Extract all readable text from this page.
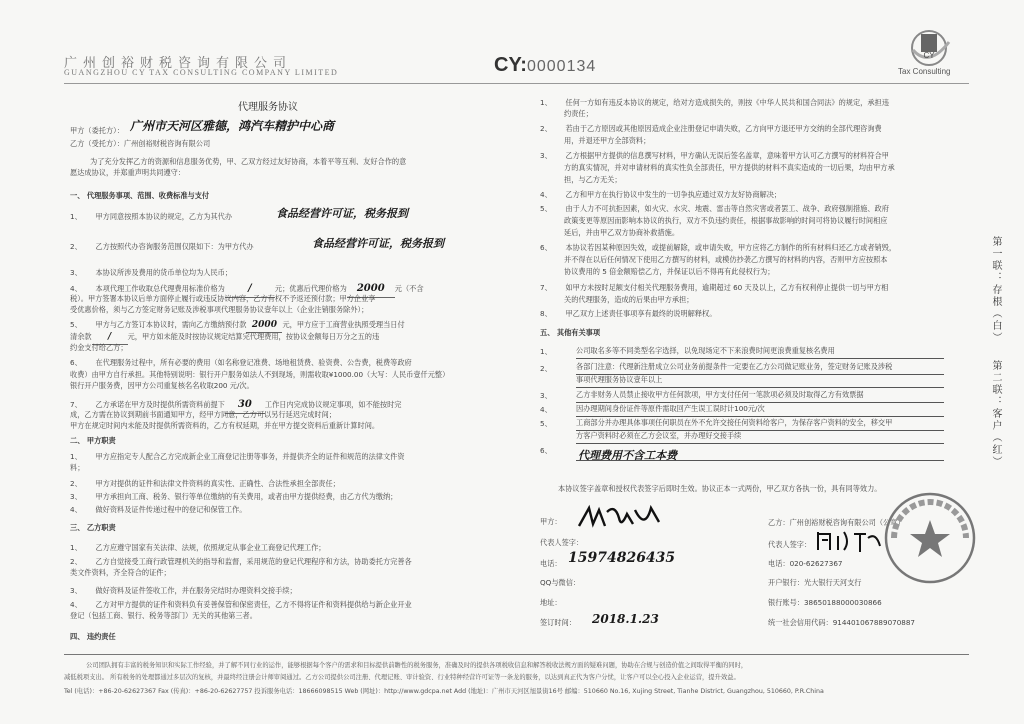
广州创裕财税咨询有限公司
GUANGZHOU CY TAX CONSULTING COMPANY LIMITED	CY:0000134
CY
Tax Consulting
代理服务协议
甲方（委托方）： 广州市天河区雅德，鸿汽车精护中心商
乙方（受托方）：广州创裕财税咨询有限公司
为了充分发挥乙方的资源和信息服务优势，甲、乙双方经过友好协商，本着平等互利、友好合作的意
愿达成协议，并郑重声明共同遵守：
一、 代理服务事项、范围、收费标准与支付
1、 甲方同意按照本协议的规定，乙方为其代办	食品经营许可证，税务报到
2、 乙方按照代办咨询服务范围仅限如下：为甲方代办	食品经营许可证，税务报到
3、 本协议所涉及费用的货币单位均为人民币；
4、 本项代理工作收取总代理费用标准价格为 /	元；优惠后代理价格为 2000 元（不含
税）。甲方签署本协议后单方面停止履行或违反协议内容，乙方有权不予返还预付款；甲方企业享
受优惠价格，须与乙方签定财务记账及涉税事项代理服务协议壹年以上（企业注销服务除外）；
5、 甲方与乙方签订本协议时，需向乙方缴纳预付款 2000 元，甲方应于工商营业执照受理当日付
清余款 / 元，甲方如未能及时按协议规定结算完代理费用，按协议金额每日万分之五的违
约金支付给乙方；
6、 在代理服务过程中，所有必要的费用（如名称登记准费、场地租赁费、验资费、公告费，税费等政府
收费）由甲方自行承担。其他特别说明：银行开户服务如法人不到现场，则需收取¥1000.00（大写：人民币壹仟元整）
银行开户服务费，因甲方公司重复核名名收取200 元/次。
7、 乙方承诺在甲方及时提供所需资料前提下 30 工作日内完成协议规定事项，如不能按时完
成，乙方需在协议到期前书面通知甲方，经甲方同意，乙方可以另行延迟完成时间；
甲方在规定时间内未能及时提供所需资料的，乙方有权延期，并在甲方提交资料后重新计算时间。
二、 甲方职责
1、 甲方应指定专人配合乙方完成新企业工商登记注册等事务，并提供齐全的证件和规范的法律文件资
料；
2、 甲方对提供的证件和法律文件资料的真实性、正确性、合法性承担全部责任；
3、 甲方承担向工商、税务、银行等单位缴纳的有关费用，或者由甲方提供经费，由乙方代为缴纳；
4、 做好资料及证件传递过程中的登记和保管工作。
三、 乙方职责
1、 乙方应遵守国家有关法律、法规，依照规定从事企业工商登记代理工作；
2、 乙方自觉接受工商行政管理机关的指导和监督，采用规范的登记代理程序和方法，协助委托方完善各
类文件资料，齐全符合的证件；
3、 做好资料及证件签收工作，并在服务完结时办理资料交接手续；
4、 乙方对甲方提供的证件和资料负有妥善保管和保密责任，乙方不得将证件和资料提供给与新企业开业
登记（包括工商、银行、税务等部门）无关的其他第三者。
四、 违约责任
1、 任何一方如有违反本协议的规定，给对方造成损失的，则按《中华人民共和国合同法》的规定，承担违
约责任；
2、 若由于乙方原因或其他原因造成企业注册登记申请失败，乙方向甲方退还甲方交纳的全部代理咨询费
用，并退还甲方全部资料；
3、 乙方根据甲方提供的信息撰写材料，甲方确认无误后签名盖章，意味着甲方认可乙方撰写的材料符合甲
方的真实情况，并对申请材料的真实性负全部责任，甲方提供的材料不真实造成的一切后果，均由甲方承
担，与乙方无关；
4、 乙方和甲方在执行协议中发生的一切争执应通过双方友好协商解决；
5、 由于人力不可抗拒因素，如火灾、水灾、地震、雷击等自然灾害或者罢工、战争、政府强制措施、政府
政策变更等原因而影响本协议的执行，双方不负违约责任，根据事故影响的时间可将协议履行时间相应
延后，并由甲乙双方协商补救措施。
6、 本协议若因某种原因失效，或提前解除，或申请失败，甲方应将乙方制作的所有材料归还乙方或者销毁，
并不得在以后任何情况下使用乙方撰写的材料，或模仿抄袭乙方撰写的材料的内容，否则甲方应按照本
协议费用的 5 倍金额赔偿乙方，并保证以后不得再有此侵权行为；
7、 如甲方未按时足额支付相关代理服务费用，逾期超过 60 天及以上，乙方有权利停止提供一切与甲方相
关的代理服务，造成的后果由甲方承担；
8、 甲乙双方上述责任事项享有最终的说明解释权。
五、 其他有关事项
1、	公司取名多等不同类型名字选择，以免现场定不下来浪费时间更浪费重复核名费用
2、	各部门注意：代理新注册成立公司业务前提条件一定要在乙方公司做记账业务，签定财务记账及涉税
事项代理服务协议壹年以上
3、	乙方非财务人员禁止接收甲方任何款项，甲方支付任何一笔款项必须及时取得乙方有效票据
4、	因办理期间身份证件等原件需取回产生误工误时计100元/次
5、	工商部分并办理具体事项任何职员在外不允许交接任何资料给客户，为保存客户资料的安全，移交甲
方客户资料时必须在乙方会议室，并办理好交接手续
6、 代理费用不含工本费
本协议签字盖章和授权代表签字后即时生效。协议正本一式两份，甲乙双方各执一份，具有同等效力。
甲方：
代表人签字：
电话： 15974826435
QQ与微信：
地址：
签订时间： 2018.1.23
乙方：广州创裕财税咨询有限公司（公章）
代表人签字：
电话：020-62627367
开户银行：光大银行天河支行
银行账号：38650188000030866
统一社会信用代码：914401067889070887
第一联：存根（白）
第二联：客户（红）
公司团队拥有丰富的税务知识和实际工作经验，并了解不同行业的运作，能够根据每个客户的需求和目标提供前瞻性的税务服务，准确及时的提供各项税收信息和解答税收法规方面的疑难问题，协助在合规与创造价值之间取得平衡的同时，
减低税项支出。 所有税务的处理都通过多层次的复核，并最终经注册会计师审阅通过。乙方公司提供公司注册、代理记账、审计验资、行业特种经营许可证等一条龙的服务，以达到真正代为客户分忧，让客户可以全心投入企业运营，提升效益。
Tel (电话)：+86-20-62627367 Fax (传真)：+86-20-62627757 投诉服务电话：18666098515 Web (网址)：http://www.gdcpa.net Add (地址)：广州市天河区旭景街16号 邮编：510660 No.16, Xujing Street, Tianhe District, Guangzhou, 510660, P.R.China
